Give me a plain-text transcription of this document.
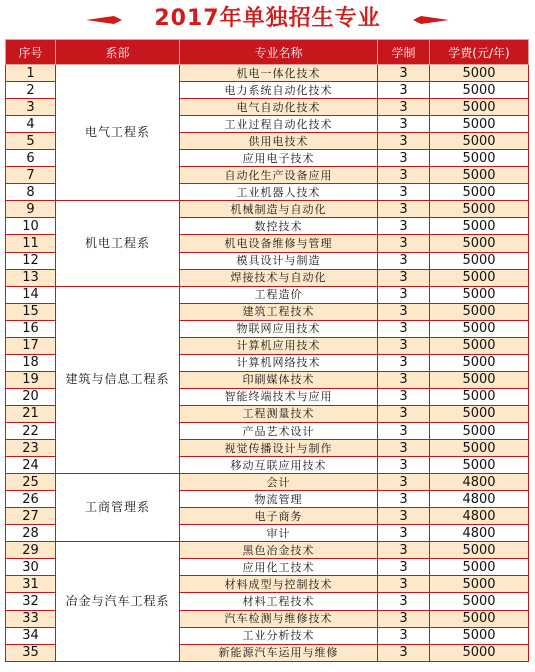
2017年单独招生专业
序号	系部	专业名称	学制	学费(元/年)
1	电气工程系	机电一体化技术	3	5000
2		电力系统自动化技术	3	5000
3		电气自动化技术	3	5000
4		工业过程自动化技术	3	5000
5		供用电技术	3	5000
6		应用电子技术	3	5000
7		自动化生产设备应用	3	5000
8		工业机器人技术	3	5000
9	机电工程系	机械制造与自动化	3	5000
10		数控技术	3	5000
11		机电设备维修与管理	3	5000
12		模具设计与制造	3	5000
13		焊接技术与自动化	3	5000
14	建筑与信息工程系	工程造价	3	5000
15		建筑工程技术	3	5000
16		物联网应用技术	3	5000
17		计算机应用技术	3	5000
18		计算机网络技术	3	5000
19		印刷媒体技术	3	5000
20		智能终端技术与应用	3	5000
21		工程测量技术	3	5000
22		产品艺术设计	3	5000
23		视觉传播设计与制作	3	5000
24		移动互联应用技术	3	5000
25	工商管理系	会计	3	4800
26		物流管理	3	4800
27		电子商务	3	4800
28		审计	3	4800
29	冶金与汽车工程系	黑色冶金技术	3	5000
30		应用化工技术	3	5000
31		材料成型与控制技术	3	5000
32		材料工程技术	3	5000
33		汽车检测与维修技术	3	5000
34		工业分析技术	3	5000
35		新能源汽车运用与维修	3	5000
